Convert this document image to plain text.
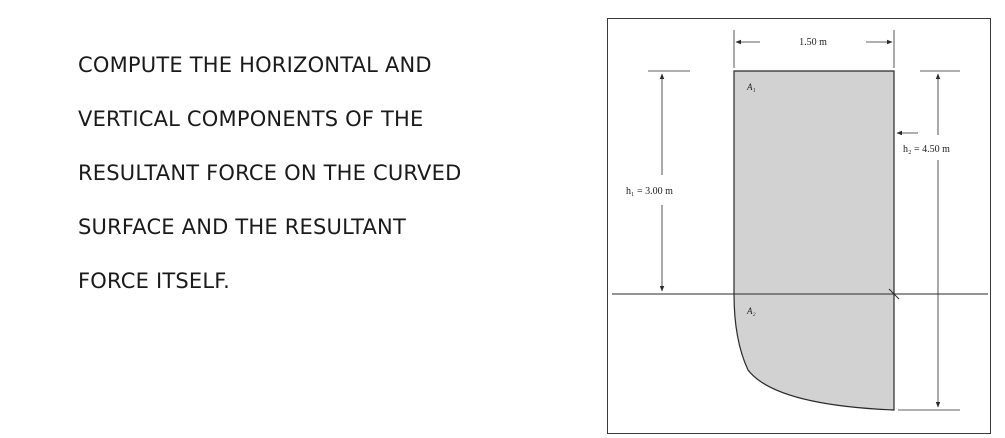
COMPUTE THE HORIZONTAL AND
VERTICAL COMPONENTS OF THE
RESULTANT FORCE ON THE CURVED
SURFACE AND THE RESULTANT
FORCE ITSELF.
1.50 m
h₁ = 3.00 m
h₂ = 4.50 m
A₁
A₂
